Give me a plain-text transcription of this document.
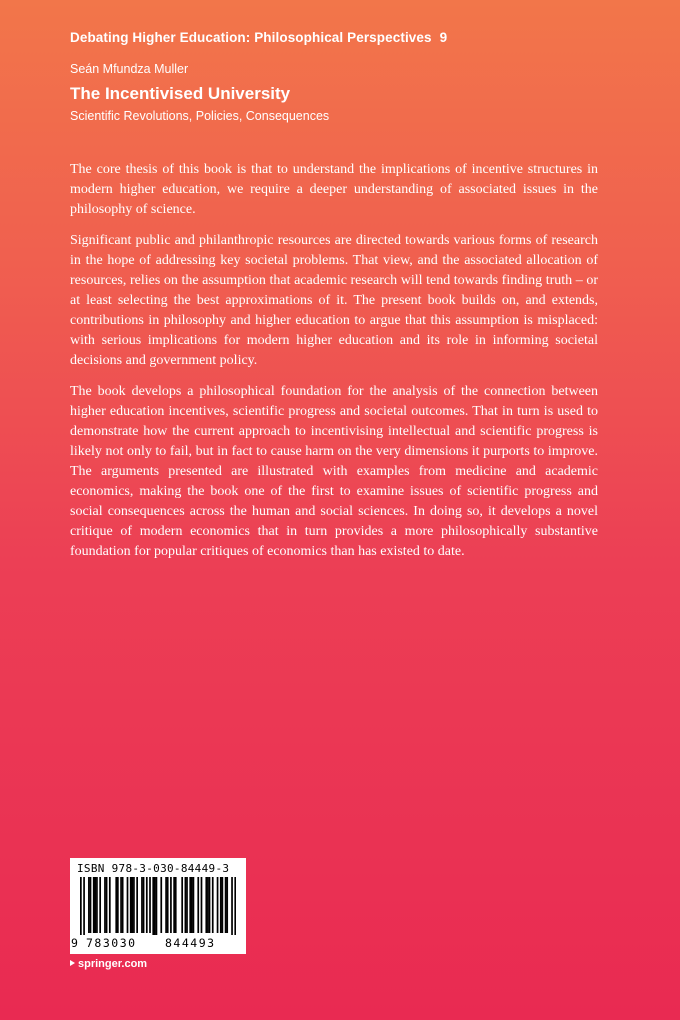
Debating Higher Education: Philosophical Perspectives 9
Seán Mfundza Muller
The Incentivised University
Scientific Revolutions, Policies, Consequences

The core thesis of this book is that to understand the implications of incentive structures in modern higher education, we require a deeper understanding of associated issues in the philosophy of science.

Significant public and philanthropic resources are directed towards various forms of research in the hope of addressing key societal problems. That view, and the associated allocation of resources, relies on the assumption that academic research will tend towards finding truth – or at least selecting the best approximations of it. The present book builds on, and extends, contributions in philosophy and higher education to argue that this assumption is misplaced: with serious implications for modern higher education and its role in informing societal decisions and government policy.

The book develops a philosophical foundation for the analysis of the connection between higher education incentives, scientific progress and societal outcomes. That in turn is used to demonstrate how the current approach to incentivising intellectual and scientific progress is likely not only to fail, but in fact to cause harm on the very dimensions it purports to improve. The arguments presented are illustrated with examples from medicine and academic economics, making the book one of the first to examine issues of scientific progress and social consequences across the human and social sciences. In doing so, it develops a novel critique of modern economics that in turn provides a more philosophically substantive foundation for popular critiques of economics than has existed to date.

ISBN 978-3-030-84449-3
9 783030 844493
springer.com
